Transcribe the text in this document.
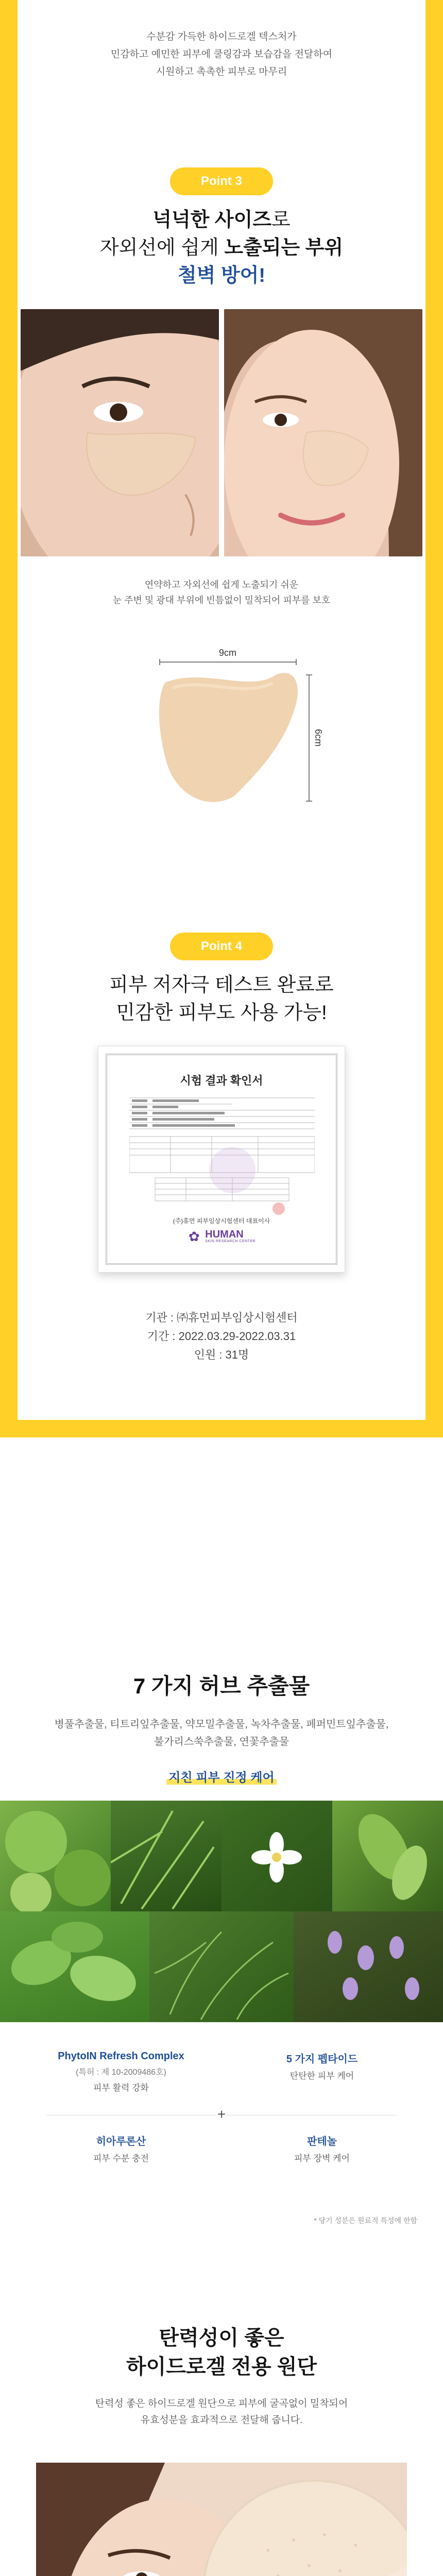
수분감 가득한 하이드로겔 텍스처가

민감하고 예민한 피부에 쿨링감과 보습감을 전달하여

시원하고 촉촉한 피부로 마무리

Point 3
넉넉한 사이즈로
자외선에 쉽게 노출되는 부위
철벽 방어!
연약하고 자외선에 쉽게 노출되기 쉬운
눈 주변 및 광대 부위에 빈틈없이 밀착되어 피부를 보호
9cm
6cm
Point 4
피부 저자극 테스트 완료로
민감한 피부도 사용 가능!
시험 결과 확인서
(주)휴먼 피부임상시험센터 대표이사
✿ HUMAN
SKIN RESEARCH CENTER
기관 : ㈜휴먼피부임상시험센터
기간 : 2022.03.29-2022.03.31
인원 : 31명
7 가지 허브 추출물
병풀추출물, 티트리잎추출물, 약모밀추출물, 녹차추출물, 페퍼민트잎추출물,
불가리스쑥추출물, 연꽃추출물
지친 피부 진정 케어
PhytoIN Refresh Complex
(특허 : 제 10-2009486호)
피부 활력 강화
5 가지 펩타이드
탄탄한 피부 케어
+
히아루론산
피부 수분 충전
판테놀
피부 장벽 케어
* 당기 성분은 원료적 특성에 한함
탄력성이 좋은
하이드로겔 전용 원단
탄력성 좋은 하이드로겔 원단으로 피부에 굴곡없이 밀착되어
유효성분을 효과적으로 전달해 줍니다.
